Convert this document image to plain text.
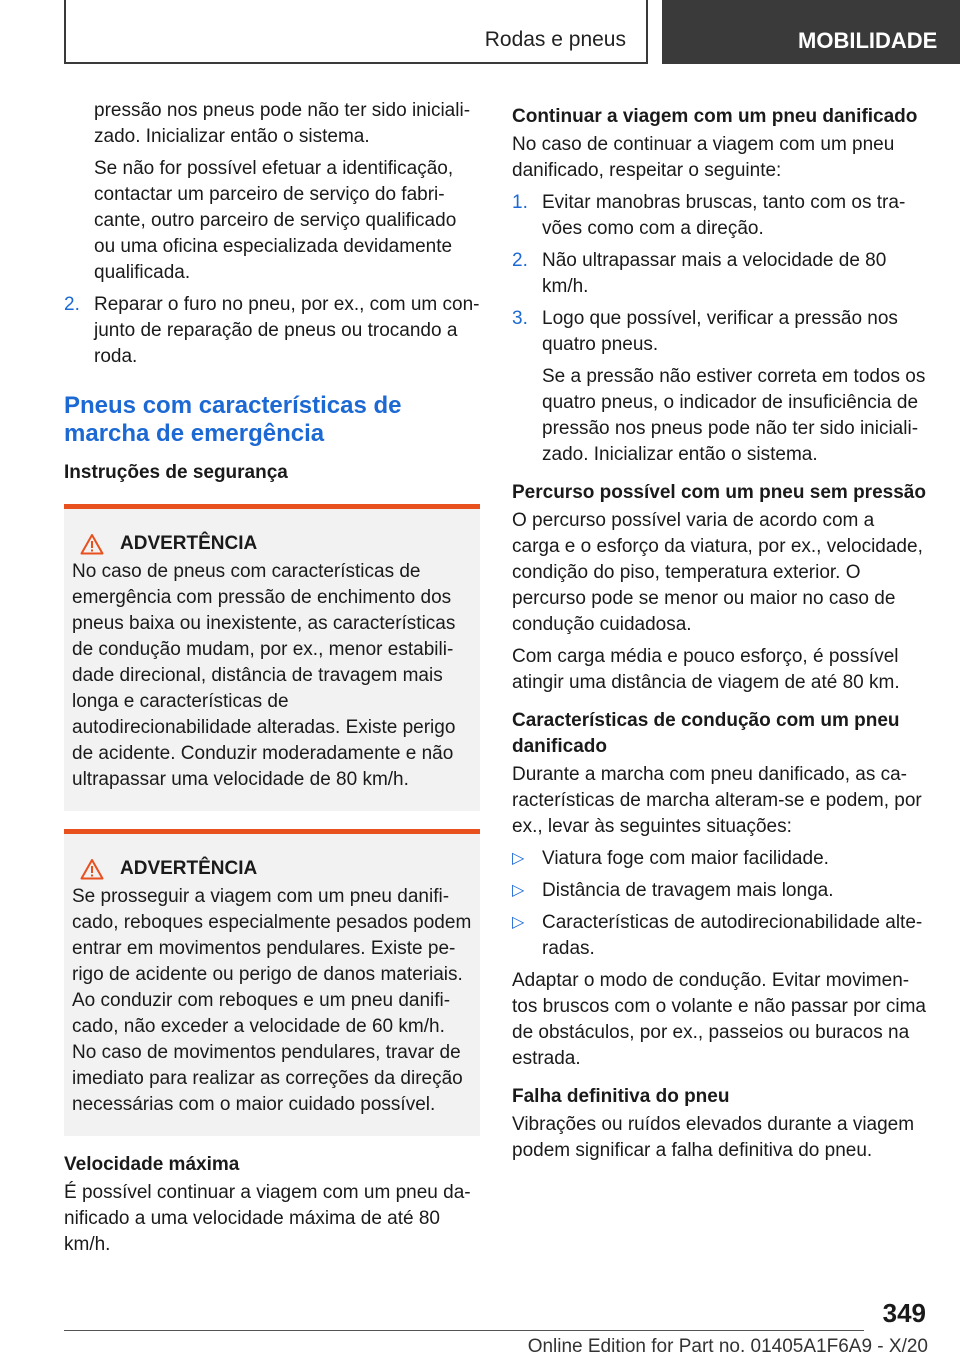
Rodas e pneus	MOBILIDADE

pressão nos pneus pode não ter sido inicializado. Inicializar então o sistema.

Se não for possível efetuar a identificação, contactar um parceiro de serviço do fabricante, outro parceiro de serviço qualificado ou uma oficina especializada devidamente qualificada.

2. Reparar o furo no pneu, por ex., com um conjunto de reparação de pneus ou trocando a roda.
Pneus com características de marcha de emergência
Instruções de segurança
ADVERTÊNCIA

No caso de pneus com características de emergência com pressão de enchimento dos pneus baixa ou inexistente, as características de condução mudam, por ex., menor estabilidade direcional, distância de travagem mais longa e características de autodirecionabilidade alteradas. Existe perigo de acidente. Conduzir moderadamente e não ultrapassar uma velocidade de 80 km/h.

ADVERTÊNCIA

Se prosseguir a viagem com um pneu danificado, reboques especialmente pesados podem entrar em movimentos pendulares. Existe perigo de acidente ou perigo de danos materiais. Ao conduzir com reboques e um pneu danificado, não exceder a velocidade de 60 km/h. No caso de movimentos pendulares, travar de imediato para realizar as correções da direção necessárias com o maior cuidado possível.

Velocidade máxima

É possível continuar a viagem com um pneu danificado a uma velocidade máxima de até 80 km/h.

Continuar a viagem com um pneu danificado

No caso de continuar a viagem com um pneu danificado, respeitar o seguinte:

1. Evitar manobras bruscas, tanto com os travões como com a direção.
2. Não ultrapassar mais a velocidade de 80 km/h.
3. Logo que possível, verificar a pressão nos quatro pneus.

Se a pressão não estiver correta em todos os quatro pneus, o indicador de insuficiência de pressão nos pneus pode não ter sido inicializado. Inicializar então o sistema.

Percurso possível com um pneu sem pressão

O percurso possível varia de acordo com a carga e o esforço da viatura, por ex., velocidade, condição do piso, temperatura exterior. O percurso pode se menor ou maior no caso de condução cuidadosa.

Com carga média e pouco esforço, é possível atingir uma distância de viagem de até 80 km.

Características de condução com um pneu danificado

Durante a marcha com pneu danificado, as características de marcha alteram-se e podem, por ex., levar às seguintes situações:

▷ Viatura foge com maior facilidade.
▷ Distância de travagem mais longa.
▷ Características de autodirecionabilidade alteradas.

Adaptar o modo de condução. Evitar movimentos bruscos com o volante e não passar por cima de obstáculos, por ex., passeios ou buracos na estrada.

Falha definitiva do pneu

Vibrações ou ruídos elevados durante a viagem podem significar a falha definitiva do pneu.

349
Online Edition for Part no. 01405A1F6A9 - X/20
